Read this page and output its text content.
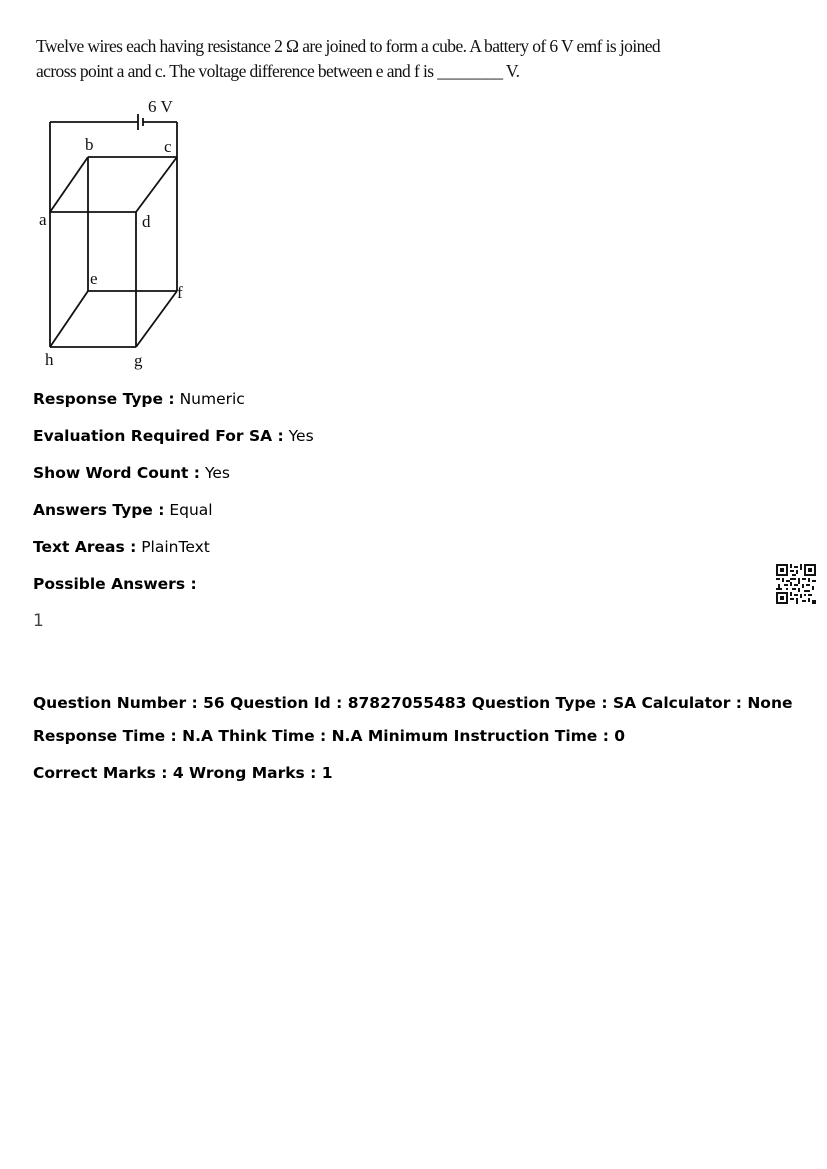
Twelve wires each having resistance 2 Ω are joined to form a cube. A battery of 6 V emf is joined

across point a and c. The voltage difference between e and f is ________ V.

6 V
b	c
a	d
e
f
h	g
Response Type : Numeric
Evaluation Required For SA : Yes
Show Word Count : Yes
Answers Type : Equal
Text Areas : PlainText
Possible Answers :
1
Question Number : 56 Question Id : 87827055483 Question Type : SA Calculator : None
Response Time : N.A Think Time : N.A Minimum Instruction Time : 0
Correct Marks : 4 Wrong Marks : 1
